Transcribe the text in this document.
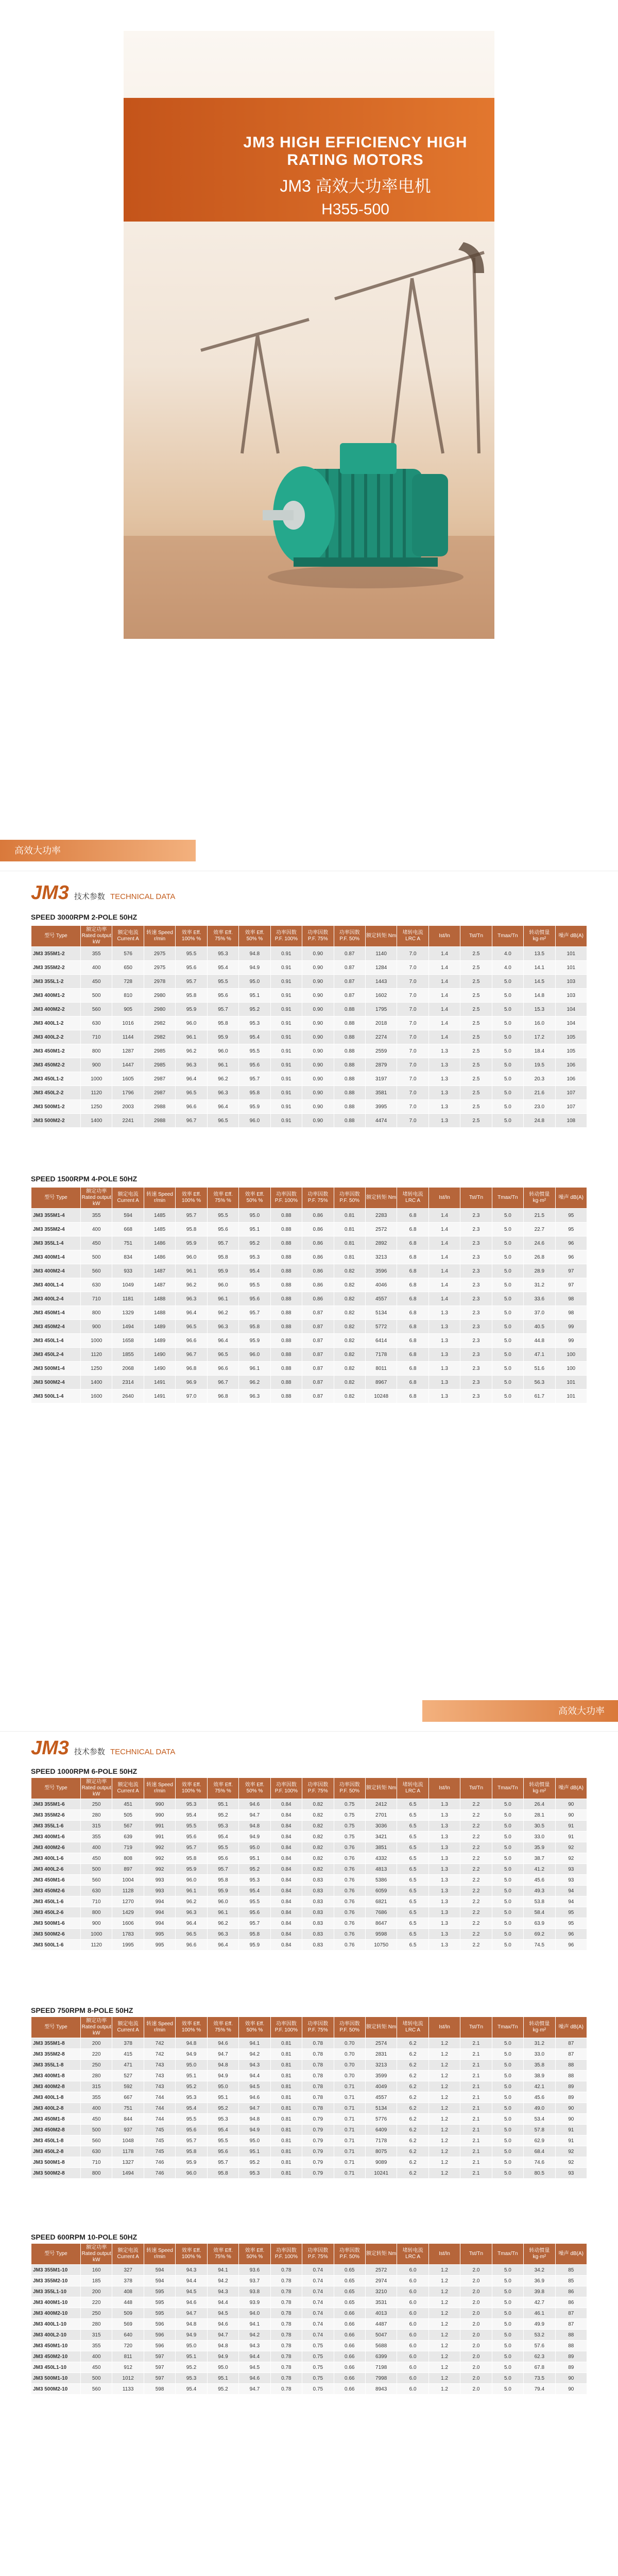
JM3 HIGH EFFICIENCY HIGH RATING MOTORS
JM3 高效大功率电机
H355-500
高效大功率
JM3 技术参数 TECHNICAL DATA
SPEED 3000RPM 2-POLE 50HZ
型号 Type	额定功率 Rated output kW	额定电流 Current A	转速 Speed r/min	效率 Eff. 100% %	效率 Eff. 75% %	效率 Eff. 50% %	功率因数 P.F. 100%	功率因数 P.F. 75%	功率因数 P.F. 50%	额定转矩 Nm	堵转电流 LRC A	Ist/In	Tst/Tn	Tmax/Tn	转动惯量 kg·m²	噪声 dB(A)
JM3 355M1-2	355	576	2975	95.5	95.3	94.8	0.91	0.90	0.87	1140	7.0	1.4	2.5	4.0	13.5	101
JM3 355M2-2	400	650	2975	95.6	95.4	94.9	0.91	0.90	0.87	1284	7.0	1.4	2.5	4.0	14.1	101
JM3 355L1-2	450	728	2978	95.7	95.5	95.0	0.91	0.90	0.87	1443	7.0	1.4	2.5	5.0	14.5	103
JM3 400M1-2	500	810	2980	95.8	95.6	95.1	0.91	0.90	0.87	1602	7.0	1.4	2.5	5.0	14.8	103
JM3 400M2-2	560	905	2980	95.9	95.7	95.2	0.91	0.90	0.88	1795	7.0	1.4	2.5	5.0	15.3	104
JM3 400L1-2	630	1016	2982	96.0	95.8	95.3	0.91	0.90	0.88	2018	7.0	1.4	2.5	5.0	16.0	104
JM3 400L2-2	710	1144	2982	96.1	95.9	95.4	0.91	0.90	0.88	2274	7.0	1.4	2.5	5.0	17.2	105
JM3 450M1-2	800	1287	2985	96.2	96.0	95.5	0.91	0.90	0.88	2559	7.0	1.3	2.5	5.0	18.4	105
JM3 450M2-2	900	1447	2985	96.3	96.1	95.6	0.91	0.90	0.88	2879	7.0	1.3	2.5	5.0	19.5	106
JM3 450L1-2	1000	1605	2987	96.4	96.2	95.7	0.91	0.90	0.88	3197	7.0	1.3	2.5	5.0	20.3	106
JM3 450L2-2	1120	1796	2987	96.5	96.3	95.8	0.91	0.90	0.88	3581	7.0	1.3	2.5	5.0	21.6	107
JM3 500M1-2	1250	2003	2988	96.6	96.4	95.9	0.91	0.90	0.88	3995	7.0	1.3	2.5	5.0	23.0	107
JM3 500M2-2	1400	2241	2988	96.7	96.5	96.0	0.91	0.90	0.88	4474	7.0	1.3	2.5	5.0	24.8	108
SPEED 1500RPM 4-POLE 50HZ
型号 Type	额定功率 Rated output kW	额定电流 Current A	转速 Speed r/min	效率 Eff. 100% %	效率 Eff. 75% %	效率 Eff. 50% %	功率因数 P.F. 100%	功率因数 P.F. 75%	功率因数 P.F. 50%	额定转矩 Nm	堵转电流 LRC A	Ist/In	Tst/Tn	Tmax/Tn	转动惯量 kg·m²	噪声 dB(A)
JM3 355M1-4	355	594	1485	95.7	95.5	95.0	0.88	0.86	0.81	2283	6.8	1.4	2.3	5.0	21.5	95
JM3 355M2-4	400	668	1485	95.8	95.6	95.1	0.88	0.86	0.81	2572	6.8	1.4	2.3	5.0	22.7	95
JM3 355L1-4	450	751	1486	95.9	95.7	95.2	0.88	0.86	0.81	2892	6.8	1.4	2.3	5.0	24.6	96
JM3 400M1-4	500	834	1486	96.0	95.8	95.3	0.88	0.86	0.81	3213	6.8	1.4	2.3	5.0	26.8	96
JM3 400M2-4	560	933	1487	96.1	95.9	95.4	0.88	0.86	0.82	3596	6.8	1.4	2.3	5.0	28.9	97
JM3 400L1-4	630	1049	1487	96.2	96.0	95.5	0.88	0.86	0.82	4046	6.8	1.4	2.3	5.0	31.2	97
JM3 400L2-4	710	1181	1488	96.3	96.1	95.6	0.88	0.86	0.82	4557	6.8	1.4	2.3	5.0	33.6	98
JM3 450M1-4	800	1329	1488	96.4	96.2	95.7	0.88	0.87	0.82	5134	6.8	1.3	2.3	5.0	37.0	98
JM3 450M2-4	900	1494	1489	96.5	96.3	95.8	0.88	0.87	0.82	5772	6.8	1.3	2.3	5.0	40.5	99
JM3 450L1-4	1000	1658	1489	96.6	96.4	95.9	0.88	0.87	0.82	6414	6.8	1.3	2.3	5.0	44.8	99
JM3 450L2-4	1120	1855	1490	96.7	96.5	96.0	0.88	0.87	0.82	7178	6.8	1.3	2.3	5.0	47.1	100
JM3 500M1-4	1250	2068	1490	96.8	96.6	96.1	0.88	0.87	0.82	8011	6.8	1.3	2.3	5.0	51.6	100
JM3 500M2-4	1400	2314	1491	96.9	96.7	96.2	0.88	0.87	0.82	8967	6.8	1.3	2.3	5.0	56.3	101
JM3 500L1-4	1600	2640	1491	97.0	96.8	96.3	0.88	0.87	0.82	10248	6.8	1.3	2.3	5.0	61.7	101
高效大功率
JM3 技术参数 TECHNICAL DATA
SPEED 1000RPM 6-POLE 50HZ
型号 Type	额定功率 Rated output kW	额定电流 Current A	转速 Speed r/min	效率 Eff. 100% %	效率 Eff. 75% %	效率 Eff. 50% %	功率因数 P.F. 100%	功率因数 P.F. 75%	功率因数 P.F. 50%	额定转矩 Nm	堵转电流 LRC A	Ist/In	Tst/Tn	Tmax/Tn	转动惯量 kg·m²	噪声 dB(A)
JM3 355M1-6	250	451	990	95.3	95.1	94.6	0.84	0.82	0.75	2412	6.5	1.3	2.2	5.0	26.4	90
JM3 355M2-6	280	505	990	95.4	95.2	94.7	0.84	0.82	0.75	2701	6.5	1.3	2.2	5.0	28.1	90
JM3 355L1-6	315	567	991	95.5	95.3	94.8	0.84	0.82	0.75	3036	6.5	1.3	2.2	5.0	30.5	91
JM3 400M1-6	355	639	991	95.6	95.4	94.9	0.84	0.82	0.75	3421	6.5	1.3	2.2	5.0	33.0	91
JM3 400M2-6	400	719	992	95.7	95.5	95.0	0.84	0.82	0.76	3851	6.5	1.3	2.2	5.0	35.9	92
JM3 400L1-6	450	808	992	95.8	95.6	95.1	0.84	0.82	0.76	4332	6.5	1.3	2.2	5.0	38.7	92
JM3 400L2-6	500	897	992	95.9	95.7	95.2	0.84	0.82	0.76	4813	6.5	1.3	2.2	5.0	41.2	93
JM3 450M1-6	560	1004	993	96.0	95.8	95.3	0.84	0.83	0.76	5386	6.5	1.3	2.2	5.0	45.6	93
JM3 450M2-6	630	1128	993	96.1	95.9	95.4	0.84	0.83	0.76	6059	6.5	1.3	2.2	5.0	49.3	94
JM3 450L1-6	710	1270	994	96.2	96.0	95.5	0.84	0.83	0.76	6821	6.5	1.3	2.2	5.0	53.8	94
JM3 450L2-6	800	1429	994	96.3	96.1	95.6	0.84	0.83	0.76	7686	6.5	1.3	2.2	5.0	58.4	95
JM3 500M1-6	900	1606	994	96.4	96.2	95.7	0.84	0.83	0.76	8647	6.5	1.3	2.2	5.0	63.9	95
JM3 500M2-6	1000	1783	995	96.5	96.3	95.8	0.84	0.83	0.76	9598	6.5	1.3	2.2	5.0	69.2	96
JM3 500L1-6	1120	1995	995	96.6	96.4	95.9	0.84	0.83	0.76	10750	6.5	1.3	2.2	5.0	74.5	96
SPEED 750RPM 8-POLE 50HZ
型号 Type	额定功率 Rated output kW	额定电流 Current A	转速 Speed r/min	效率 Eff. 100% %	效率 Eff. 75% %	效率 Eff. 50% %	功率因数 P.F. 100%	功率因数 P.F. 75%	功率因数 P.F. 50%	额定转矩 Nm	堵转电流 LRC A	Ist/In	Tst/Tn	Tmax/Tn	转动惯量 kg·m²	噪声 dB(A)
JM3 355M1-8	200	378	742	94.8	94.6	94.1	0.81	0.78	0.70	2574	6.2	1.2	2.1	5.0	31.2	87
JM3 355M2-8	220	415	742	94.9	94.7	94.2	0.81	0.78	0.70	2831	6.2	1.2	2.1	5.0	33.0	87
JM3 355L1-8	250	471	743	95.0	94.8	94.3	0.81	0.78	0.70	3213	6.2	1.2	2.1	5.0	35.8	88
JM3 400M1-8	280	527	743	95.1	94.9	94.4	0.81	0.78	0.70	3599	6.2	1.2	2.1	5.0	38.9	88
JM3 400M2-8	315	592	743	95.2	95.0	94.5	0.81	0.78	0.71	4049	6.2	1.2	2.1	5.0	42.1	89
JM3 400L1-8	355	667	744	95.3	95.1	94.6	0.81	0.78	0.71	4557	6.2	1.2	2.1	5.0	45.6	89
JM3 400L2-8	400	751	744	95.4	95.2	94.7	0.81	0.78	0.71	5134	6.2	1.2	2.1	5.0	49.0	90
JM3 450M1-8	450	844	744	95.5	95.3	94.8	0.81	0.79	0.71	5776	6.2	1.2	2.1	5.0	53.4	90
JM3 450M2-8	500	937	745	95.6	95.4	94.9	0.81	0.79	0.71	6409	6.2	1.2	2.1	5.0	57.8	91
JM3 450L1-8	560	1048	745	95.7	95.5	95.0	0.81	0.79	0.71	7178	6.2	1.2	2.1	5.0	62.9	91
JM3 450L2-8	630	1178	745	95.8	95.6	95.1	0.81	0.79	0.71	8075	6.2	1.2	2.1	5.0	68.4	92
JM3 500M1-8	710	1327	746	95.9	95.7	95.2	0.81	0.79	0.71	9089	6.2	1.2	2.1	5.0	74.6	92
JM3 500M2-8	800	1494	746	96.0	95.8	95.3	0.81	0.79	0.71	10241	6.2	1.2	2.1	5.0	80.5	93
SPEED 600RPM 10-POLE 50HZ
型号 Type	额定功率 Rated output kW	额定电流 Current A	转速 Speed r/min	效率 Eff. 100% %	效率 Eff. 75% %	效率 Eff. 50% %	功率因数 P.F. 100%	功率因数 P.F. 75%	功率因数 P.F. 50%	额定转矩 Nm	堵转电流 LRC A	Ist/In	Tst/Tn	Tmax/Tn	转动惯量 kg·m²	噪声 dB(A)
JM3 355M1-10	160	327	594	94.3	94.1	93.6	0.78	0.74	0.65	2572	6.0	1.2	2.0	5.0	34.2	85
JM3 355M2-10	185	378	594	94.4	94.2	93.7	0.78	0.74	0.65	2974	6.0	1.2	2.0	5.0	36.9	85
JM3 355L1-10	200	408	595	94.5	94.3	93.8	0.78	0.74	0.65	3210	6.0	1.2	2.0	5.0	39.8	86
JM3 400M1-10	220	448	595	94.6	94.4	93.9	0.78	0.74	0.65	3531	6.0	1.2	2.0	5.0	42.7	86
JM3 400M2-10	250	509	595	94.7	94.5	94.0	0.78	0.74	0.66	4013	6.0	1.2	2.0	5.0	46.1	87
JM3 400L1-10	280	569	596	94.8	94.6	94.1	0.78	0.74	0.66	4487	6.0	1.2	2.0	5.0	49.9	87
JM3 400L2-10	315	640	596	94.9	94.7	94.2	0.78	0.74	0.66	5047	6.0	1.2	2.0	5.0	53.2	88
JM3 450M1-10	355	720	596	95.0	94.8	94.3	0.78	0.75	0.66	5688	6.0	1.2	2.0	5.0	57.6	88
JM3 450M2-10	400	811	597	95.1	94.9	94.4	0.78	0.75	0.66	6399	6.0	1.2	2.0	5.0	62.3	89
JM3 450L1-10	450	912	597	95.2	95.0	94.5	0.78	0.75	0.66	7198	6.0	1.2	2.0	5.0	67.8	89
JM3 500M1-10	500	1012	597	95.3	95.1	94.6	0.78	0.75	0.66	7998	6.0	1.2	2.0	5.0	73.5	90
JM3 500M2-10	560	1133	598	95.4	95.2	94.7	0.78	0.75	0.66	8943	6.0	1.2	2.0	5.0	79.4	90
